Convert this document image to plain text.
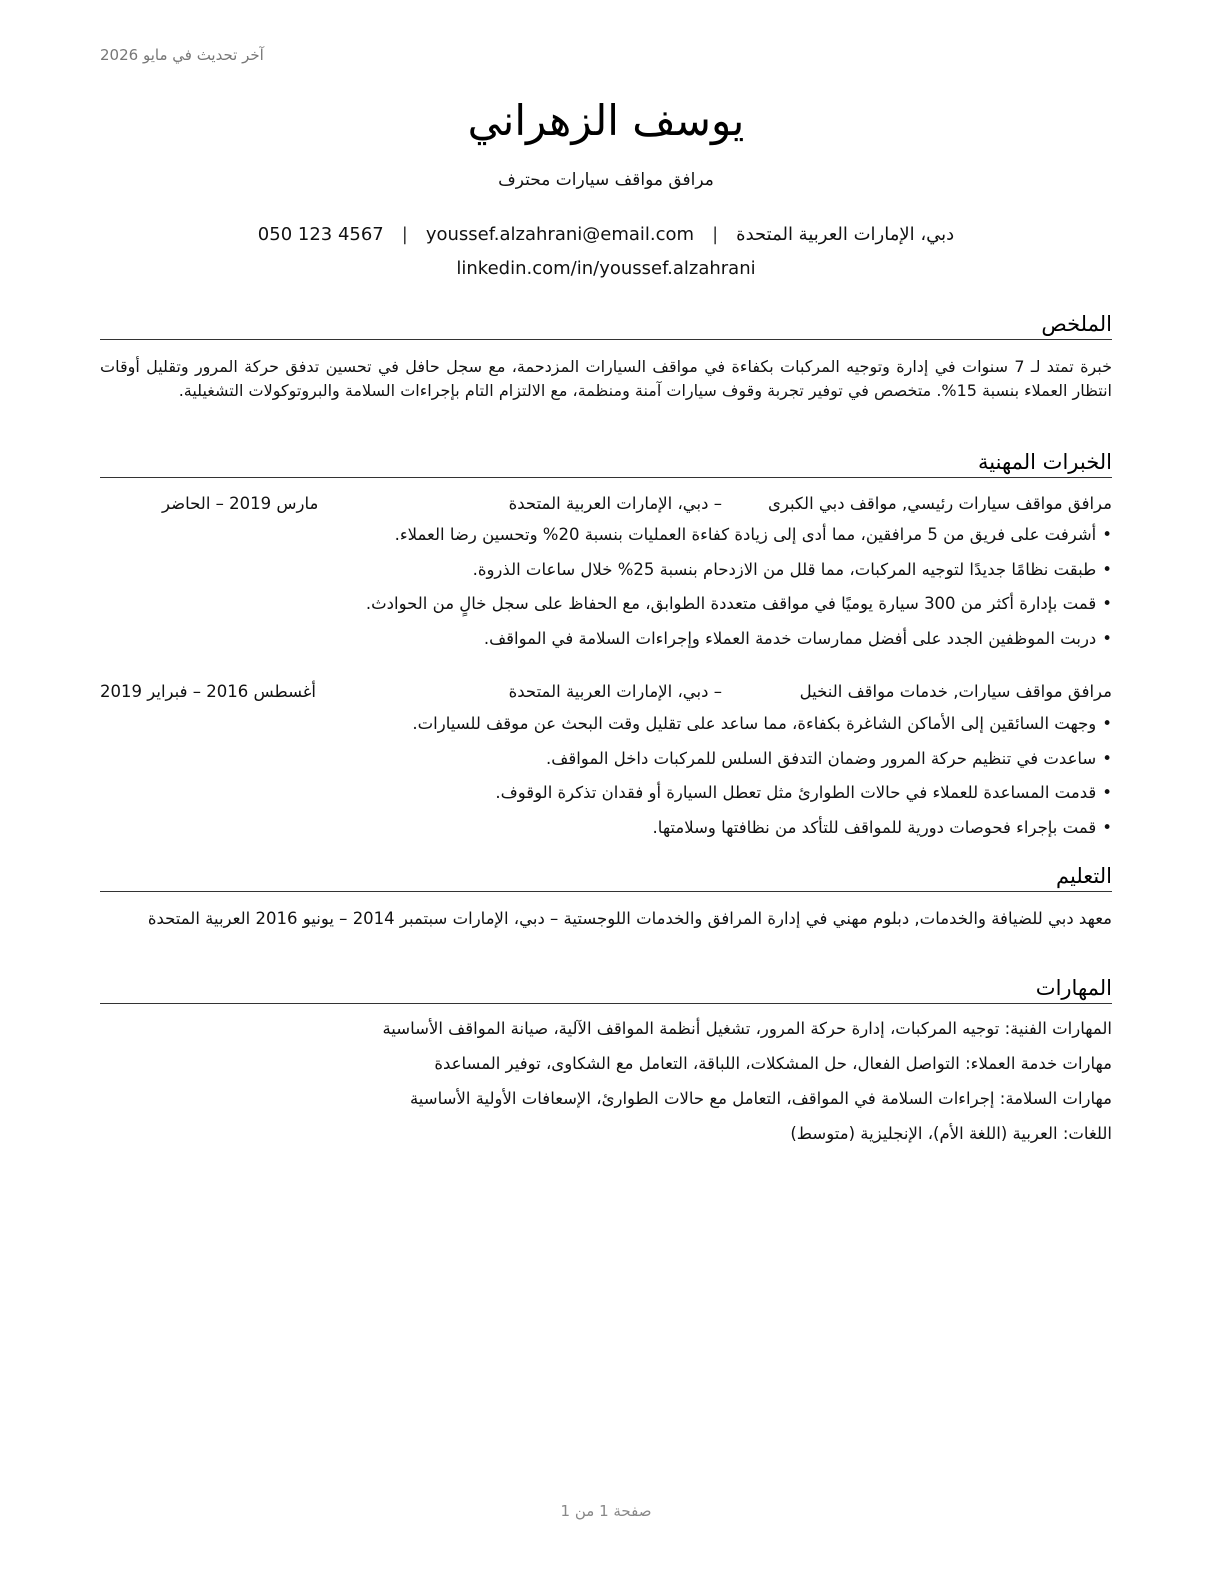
آخر تحديث في مايو 2026
يوسف الزهراني
مرافق مواقف سيارات محترف
دبي، الإمارات العربية المتحدة
|
youssef.alzahrani@email.com
|
050 123 4567
linkedin.com/in/youssef.alzahrani
الملخص
خبرة تمتد لـ 7 سنوات في إدارة وتوجيه المركبات بكفاءة في مواقف السيارات المزدحمة، مع سجل حافل في تحسين تدفق حركة المرور وتقليل أوقات انتظار العملاء بنسبة 15%. متخصص في توفير تجربة وقوف سيارات آمنة ومنظمة، مع الالتزام التام بإجراءات السلامة والبروتوكولات التشغيلية.
الخبرات المهنية
مرافق مواقف سيارات رئيسي, مواقف دبي الكبرى
– دبي، الإمارات العربية المتحدة
مارس 2019 – الحاضر
•أشرفت على فريق من 5 مرافقين، مما أدى إلى زيادة كفاءة العمليات بنسبة 20% وتحسين رضا العملاء.
•طبقت نظامًا جديدًا لتوجيه المركبات، مما قلل من الازدحام بنسبة 25% خلال ساعات الذروة.
•قمت بإدارة أكثر من 300 سيارة يوميًا في مواقف متعددة الطوابق، مع الحفاظ على سجل خالٍ من الحوادث.
•دربت الموظفين الجدد على أفضل ممارسات خدمة العملاء وإجراءات السلامة في المواقف.
مرافق مواقف سيارات, خدمات مواقف النخيل
– دبي، الإمارات العربية المتحدة
أغسطس 2016 – فبراير 2019
•وجهت السائقين إلى الأماكن الشاغرة بكفاءة، مما ساعد على تقليل وقت البحث عن موقف للسيارات.
•ساعدت في تنظيم حركة المرور وضمان التدفق السلس للمركبات داخل المواقف.
•قدمت المساعدة للعملاء في حالات الطوارئ مثل تعطل السيارة أو فقدان تذكرة الوقوف.
•قمت بإجراء فحوصات دورية للمواقف للتأكد من نظافتها وسلامتها.
التعليم
معهد دبي للضيافة والخدمات, دبلوم مهني في إدارة المرافق والخدمات اللوجستية – دبي، الإمارات سبتمبر 2014 – يونيو 2016 العربية المتحدة
المهارات
المهارات الفنية: توجيه المركبات، إدارة حركة المرور، تشغيل أنظمة المواقف الآلية، صيانة المواقف الأساسية
مهارات خدمة العملاء: التواصل الفعال، حل المشكلات، اللباقة، التعامل مع الشكاوى، توفير المساعدة
مهارات السلامة: إجراءات السلامة في المواقف، التعامل مع حالات الطوارئ، الإسعافات الأولية الأساسية
اللغات: العربية (اللغة الأم)، الإنجليزية (متوسط)
صفحة 1 من 1
